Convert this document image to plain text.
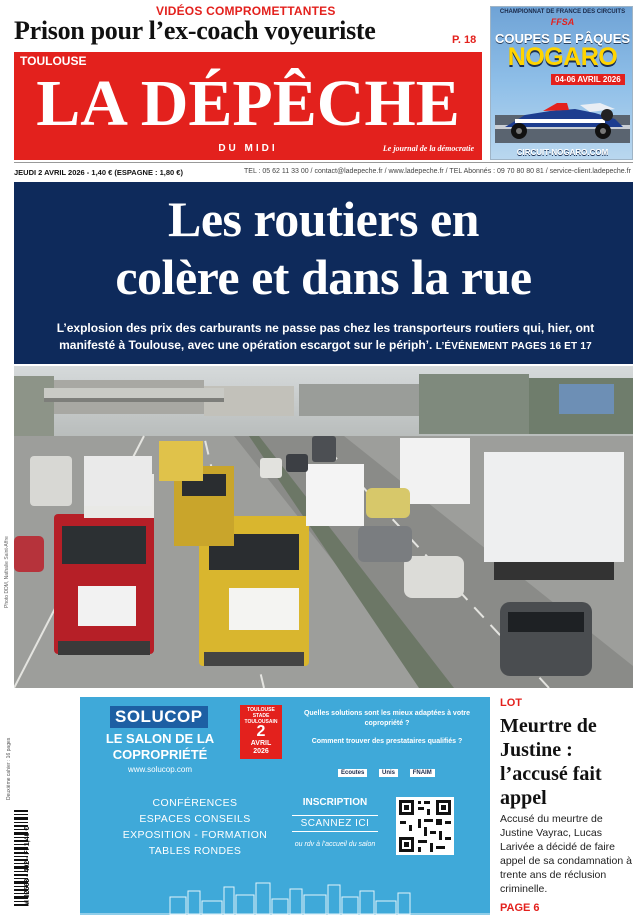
VIDÉOS COMPROMETTANTES
Prison pour l’ex-coach voyeuriste	P. 18
TOULOUSE
LA DÉPÊCHE
DU MIDI	Le journal de la démocratie
CHAMPIONNAT DE FRANCE DES CIRCUITS
FFSA
COUPES DE PÂQUES
NOGARO
04-06 AVRIL 2026
CIRCUIT-NOGARO.COM
JEUDI 2 AVRIL 2026 - 1,40 € (ESPAGNE : 1,80 €)	TEL : 05 62 11 33 00 / contact@ladepeche.fr / www.ladepeche.fr / TEL Abonnés : 09 70 80 80 81 / service-client.ladepeche.fr
Les routiers en
colère et dans la rue
L’explosion des prix des carburants ne passe pas chez les transporteurs routiers qui, hier, ont manifesté à Toulouse, avec une opération escargot sur le périph’. L’ÉVÉNEMENT PAGES 16 ET 17
Photo DDM, Nathalie Saint-Affre
Deuxième cahier : 16 pages
M 02563 - 402 - F: 1,40 €
SOLUCOP
LE SALON DE LA
COPROPRIÉTÉ
www.solucop.com
TOULOUSE STADE TOULOUSAIN
2
AVRIL
2026
Quelles solutions sont les mieux adaptées à votre copropriété ?
Comment trouver des prestataires qualifiés ?
Ecoutes	Unis	FNAIM
CONFÉRENCES
ESPACES CONSEILS
EXPOSITION - FORMATION
TABLES RONDES
INSCRIPTION
SCANNEZ ICI
ou rdv à l’accueil du salon
LOT
Meurtre de Justine : l’accusé fait appel
Accusé du meurtre de Justine Vayrac, Lucas Larivée a décidé de faire appel de sa condamnation à trente ans de réclusion criminelle.
PAGE 6
